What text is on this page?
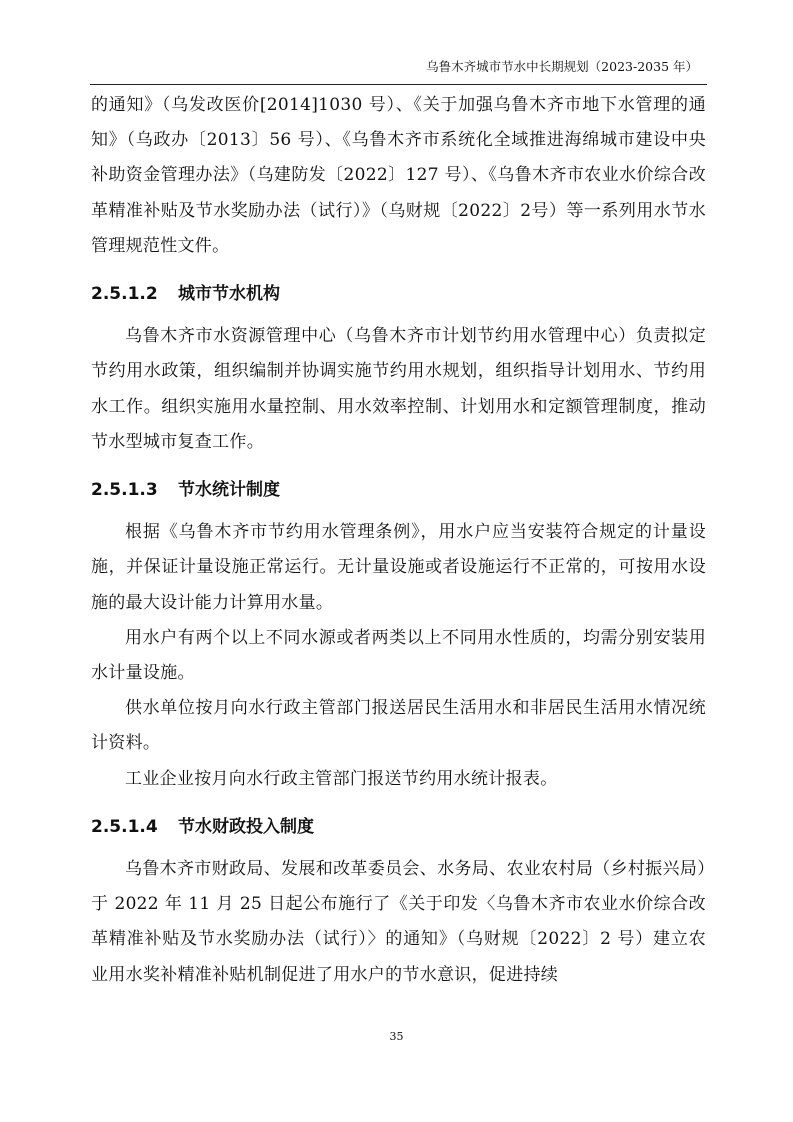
乌鲁木齐城市节水中长期规划（2023-2035 年）

的通知》（乌发改医价[2014]1030 号）、《关于加强乌鲁木齐市地下水管理的通知》（乌政办〔2013〕56 号）、《乌鲁木齐市系统化全域推进海绵城市建设中央补助资金管理办法》（乌建防发〔2022〕127 号）、《乌鲁木齐市农业水价综合改革精准补贴及节水奖励办法（试行）》（乌财规〔2022〕2号）等一系列用水节水管理规范性文件。

2.5.1.2 城市节水机构

乌鲁木齐市水资源管理中心（乌鲁木齐市计划节约用水管理中心）负责拟定节约用水政策，组织编制并协调实施节约用水规划，组织指导计划用水、节约用水工作。组织实施用水量控制、用水效率控制、计划用水和定额管理制度，推动节水型城市复查工作。

2.5.1.3 节水统计制度

根据《乌鲁木齐市节约用水管理条例》，用水户应当安装符合规定的计量设施，并保证计量设施正常运行。无计量设施或者设施运行不正常的，可按用水设施的最大设计能力计算用水量。

用水户有两个以上不同水源或者两类以上不同用水性质的，均需分别安装用水计量设施。

供水单位按月向水行政主管部门报送居民生活用水和非居民生活用水情况统计资料。

工业企业按月向水行政主管部门报送节约用水统计报表。

2.5.1.4 节水财政投入制度

乌鲁木齐市财政局、发展和改革委员会、水务局、农业农村局（乡村振兴局）于 2022 年 11 月 25 日起公布施行了《关于印发〈乌鲁木齐市农业水价综合改革精准补贴及节水奖励办法（试行）〉的通知》（乌财规〔2022〕2 号）建立农业用水奖补精准补贴机制促进了用水户的节水意识，促进持续

35
